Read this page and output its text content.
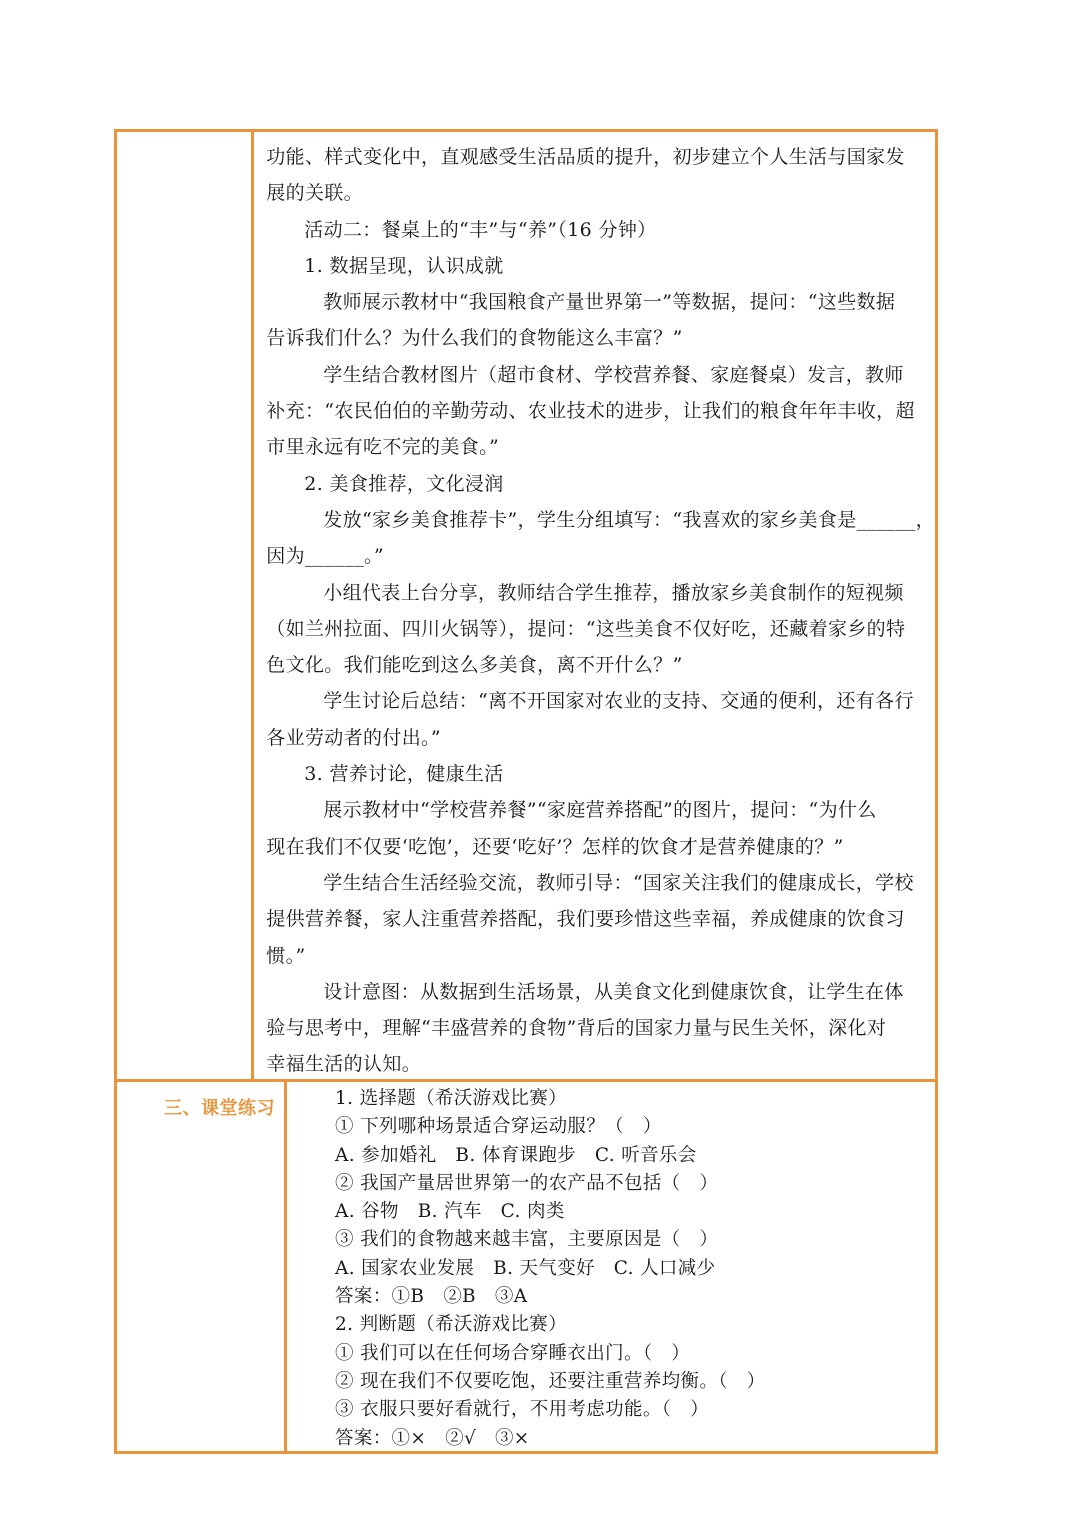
功能、样式变化中，直观感受生活品质的提升，初步建立个人生活与国家发

展的关联。

活动二：餐桌上的“丰”与“养”（16 分钟）

1. 数据呈现，认识成就

教师展示教材中“我国粮食产量世界第一”等数据，提问：“这些数据

告诉我们什么？为什么我们的食物能这么丰富？”

学生结合教材图片（超市食材、学校营养餐、家庭餐桌）发言，教师

补充：“农民伯伯的辛勤劳动、农业技术的进步，让我们的粮食年年丰收，超

市里永远有吃不完的美食。”

2. 美食推荐，文化浸润

发放“家乡美食推荐卡”，学生分组填写：“我喜欢的家乡美食是______，

因为______。”

小组代表上台分享，教师结合学生推荐，播放家乡美食制作的短视频

（如兰州拉面、四川火锅等），提问：“这些美食不仅好吃，还藏着家乡的特

色文化。我们能吃到这么多美食，离不开什么？”

学生讨论后总结：“离不开国家对农业的支持、交通的便利，还有各行

各业劳动者的付出。”

3. 营养讨论，健康生活

展示教材中“学校营养餐”“家庭营养搭配”的图片，提问：“为什么

现在我们不仅要‘吃饱’，还要‘吃好’？怎样的饮食才是营养健康的？”

学生结合生活经验交流，教师引导：“国家关注我们的健康成长，学校

提供营养餐，家人注重营养搭配，我们要珍惜这些幸福，养成健康的饮食习

惯。”

设计意图：从数据到生活场景，从美食文化到健康饮食，让学生在体

验与思考中，理解“丰盛营养的食物”背后的国家力量与民生关怀，深化对

幸福生活的认知。

三、课堂练习	1. 选择题（希沃游戏比赛）

① 下列哪种场景适合穿运动服？（　）

A. 参加婚礼　B. 体育课跑步　C. 听音乐会

② 我国产量居世界第一的农产品不包括（　）

A. 谷物　B. 汽车　C. 肉类

③ 我们的食物越来越丰富，主要原因是（　）

A. 国家农业发展　B. 天气变好　C. 人口减少

答案：①B　②B　③A

2. 判断题（希沃游戏比赛）

① 我们可以在任何场合穿睡衣出门。（　）

② 现在我们不仅要吃饱，还要注重营养均衡。（　）

③ 衣服只要好看就行，不用考虑功能。（　）

答案：①×　②√　③×
